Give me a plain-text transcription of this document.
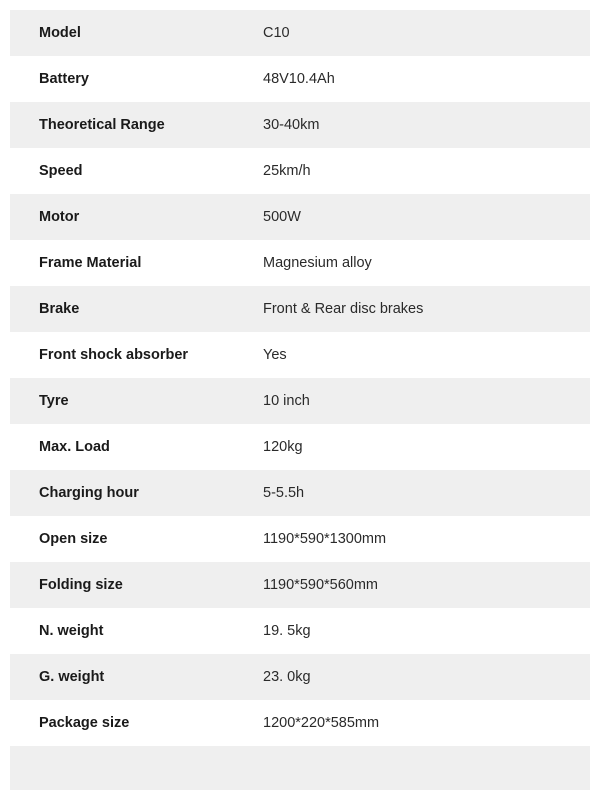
Model	C10
Battery	48V10.4Ah
Theoretical Range	30-40km
Speed	25km/h
Motor	500W
Frame Material	Magnesium alloy
Brake	Front & Rear disc brakes
Front shock absorber	Yes
Tyre	10 inch
Max. Load	120kg
Charging hour	5-5.5h
Open size	1190*590*1300mm
Folding size	1190*590*560mm
N. weight	19. 5kg
G. weight	23. 0kg
Package size	1200*220*585mm
